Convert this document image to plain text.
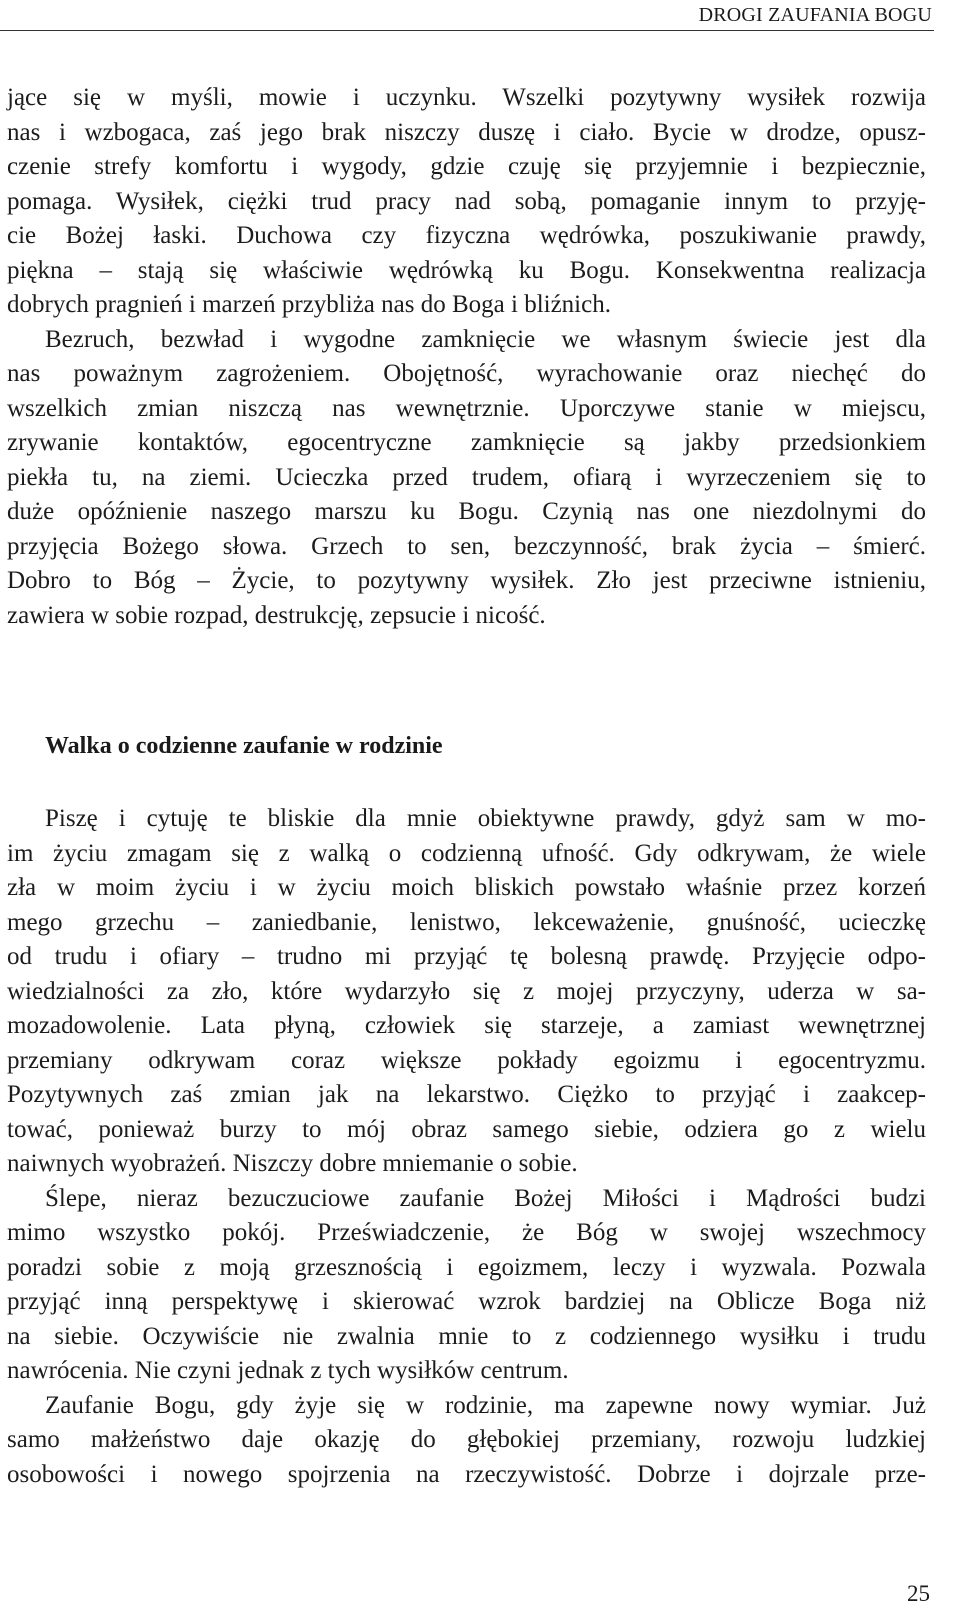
DROGI ZAUFANIA BOGU
jące się w myśli, mowie i uczynku. Wszelki pozytywny wysiłek rozwija
nas i wzbogaca, zaś jego brak niszczy duszę i ciało. Bycie w drodze, opusz-
czenie strefy komfortu i wygody, gdzie czuję się przyjemnie i bezpiecznie,
pomaga. Wysiłek, ciężki trud pracy nad sobą, pomaganie innym to przyję-
cie Bożej łaski. Duchowa czy fizyczna wędrówka, poszukiwanie prawdy,
piękna – stają się właściwie wędrówką ku Bogu. Konsekwentna realizacja
dobrych pragnień i marzeń przybliża nas do Boga i bliźnich.
Bezruch, bezwład i wygodne zamknięcie we własnym świecie jest dla
nas poważnym zagrożeniem. Obojętność, wyrachowanie oraz niechęć do
wszelkich zmian niszczą nas wewnętrznie. Uporczywe stanie w miejscu,
zrywanie kontaktów, egocentryczne zamknięcie są jakby przedsionkiem
piekła tu, na ziemi. Ucieczka przed trudem, ofiarą i wyrzeczeniem się to
duże opóźnienie naszego marszu ku Bogu. Czynią nas one niezdolnymi do
przyjęcia Bożego słowa. Grzech to sen, bezczynność, brak życia – śmierć.
Dobro to Bóg – Życie, to pozytywny wysiłek. Zło jest przeciwne istnieniu,
zawiera w sobie rozpad, destrukcję, zepsucie i nicość.
Walka o codzienne zaufanie w rodzinie
Piszę i cytuję te bliskie dla mnie obiektywne prawdy, gdyż sam w mo-
im życiu zmagam się z walką o codzienną ufność. Gdy odkrywam, że wiele
zła w moim życiu i w życiu moich bliskich powstało właśnie przez korzeń
mego grzechu – zaniedbanie, lenistwo, lekceważenie, gnuśność, ucieczkę
od trudu i ofiary – trudno mi przyjąć tę bolesną prawdę. Przyjęcie odpo-
wiedzialności za zło, które wydarzyło się z mojej przyczyny, uderza w sa-
mozadowolenie. Lata płyną, człowiek się starzeje, a zamiast wewnętrznej
przemiany odkrywam coraz większe pokłady egoizmu i egocentryzmu.
Pozytywnych zaś zmian jak na lekarstwo. Ciężko to przyjąć i zaakcep-
tować, ponieważ burzy to mój obraz samego siebie, odziera go z wielu
naiwnych wyobrażeń. Niszczy dobre mniemanie o sobie.
Ślepe, nieraz bezuczuciowe zaufanie Bożej Miłości i Mądrości budzi
mimo wszystko pokój. Przeświadczenie, że Bóg w swojej wszechmocy
poradzi sobie z moją grzesznością i egoizmem, leczy i wyzwala. Pozwala
przyjąć inną perspektywę i skierować wzrok bardziej na Oblicze Boga niż
na siebie. Oczywiście nie zwalnia mnie to z codziennego wysiłku i trudu
nawrócenia. Nie czyni jednak z tych wysiłków centrum.
Zaufanie Bogu, gdy żyje się w rodzinie, ma zapewne nowy wymiar. Już
samo małżeństwo daje okazję do głębokiej przemiany, rozwoju ludzkiej
osobowości i nowego spojrzenia na rzeczywistość. Dobrze i dojrzale prze-
25
